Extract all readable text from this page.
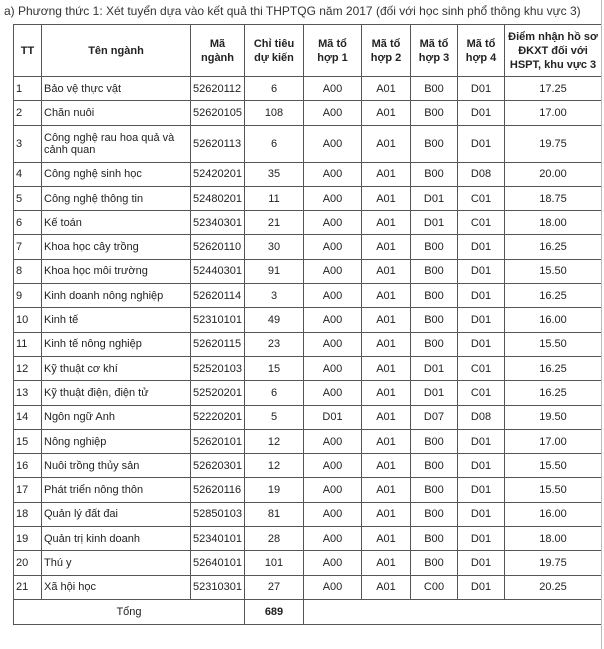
a) Phương thức 1: Xét tuyển dựa vào kết quả thi THPTQG năm 2017 (đối với học sinh phổ thông khu vực 3)
TT	Tên ngành	Mã ngành	Chỉ tiêu dự kiến	Mã tổ hợp 1	Mã tổ hợp 2	Mã tổ hợp 3	Mã tổ hợp 4	Điểm nhận hồ sơ ĐKXT đối với HSPT, khu vực 3
1	Bảo vệ thực vật	52620112	6	A00	A01	B00	D01	17.25
2	Chăn nuôi	52620105	108	A00	A01	B00	D01	17.00
3	Công nghệ rau hoa quả và cảnh quan	52620113	6	A00	A01	B00	D01	19.75
4	Công nghệ sinh học	52420201	35	A00	A01	B00	D08	20.00
5	Công nghệ thông tin	52480201	11	A00	A01	D01	C01	18.75
6	Kế toán	52340301	21	A00	A01	D01	C01	18.00
7	Khoa học cây trồng	52620110	30	A00	A01	B00	D01	16.25
8	Khoa học môi trường	52440301	91	A00	A01	B00	D01	15.50
9	Kinh doanh nông nghiệp	52620114	3	A00	A01	B00	D01	16.25
10	Kinh tế	52310101	49	A00	A01	B00	D01	16.00
11	Kinh tế nông nghiệp	52620115	23	A00	A01	B00	D01	15.50
12	Kỹ thuật cơ khí	52520103	15	A00	A01	D01	C01	16.25
13	Kỹ thuật điện, điện tử	52520201	6	A00	A01	D01	C01	16.25
14	Ngôn ngữ Anh	52220201	5	D01	A01	D07	D08	19.50
15	Nông nghiệp	52620101	12	A00	A01	B00	D01	17.00
16	Nuôi trồng thủy sản	52620301	12	A00	A01	B00	D01	15.50
17	Phát triển nông thôn	52620116	19	A00	A01	B00	D01	15.50
18	Quản lý đất đai	52850103	81	A00	A01	B00	D01	16.00
19	Quản trị kinh doanh	52340101	28	A00	A01	B00	D01	18.00
20	Thú y	52640101	101	A00	A01	B00	D01	19.75
21	Xã hội học	52310301	27	A00	A01	C00	D01	20.25
Tổng			689					
